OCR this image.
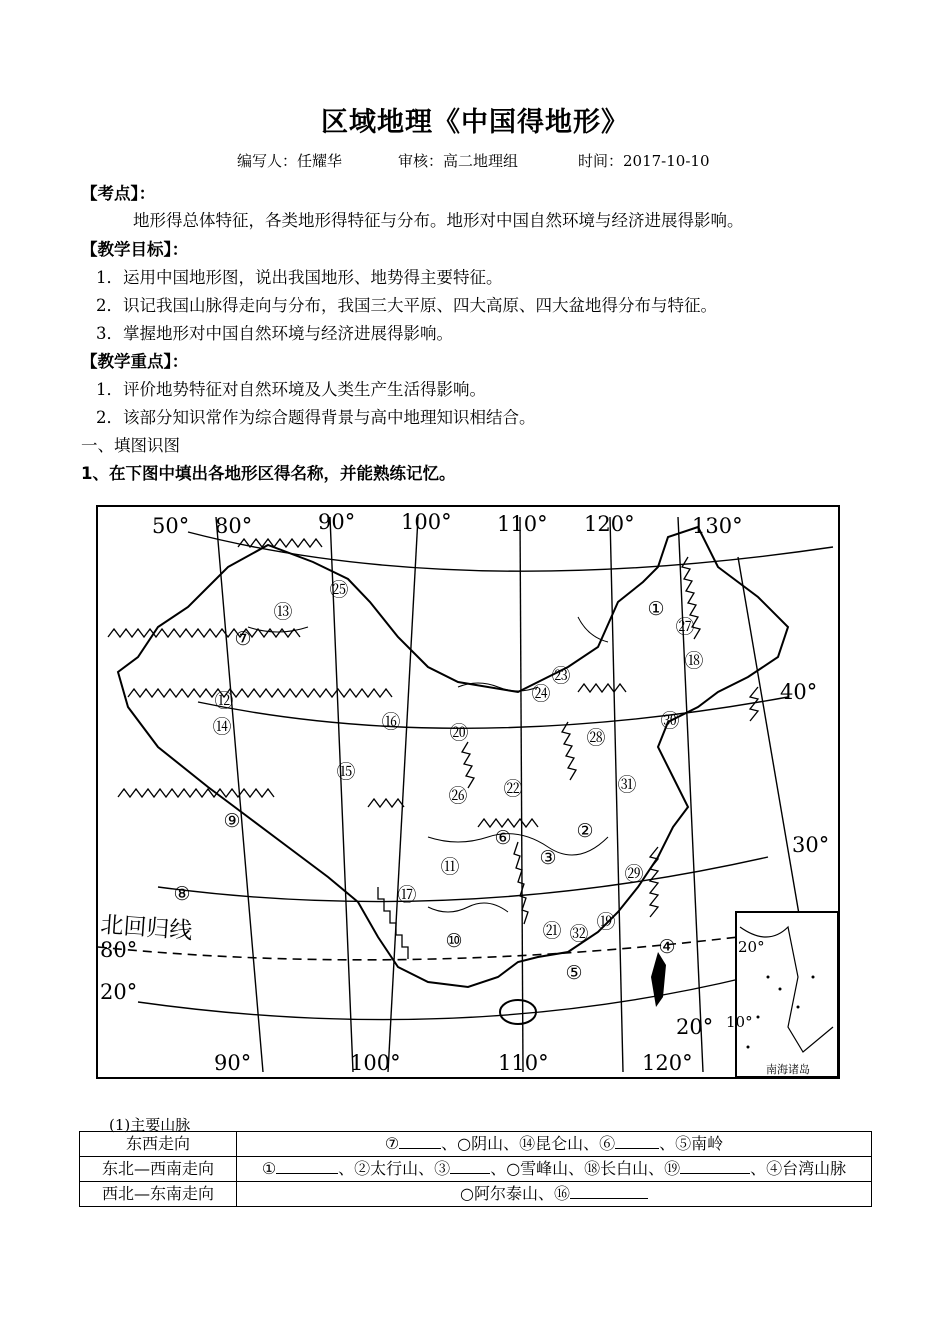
区域地理《中国得地形》
编写人：任耀华	审核：高二地理组	时间：2017-10-10
【考点】：
地形得总体特征，各类地形得特征与分布。地形对中国自然环境与经济进展得影响。
【教学目标】：
1．运用中国地形图，说出我国地形、地势得主要特征。
2．识记我国山脉得走向与分布，我国三大平原、四大高原、四大盆地得分布与特征。
3．掌握地形对中国自然环境与经济进展得影响。
【教学重点】：
1．评价地势特征对自然环境及人类生产生活得影响。
2．该部分知识常作为综合题得背景与高中地理知识相结合。
一、填图识图
1、在下图中填出各地形区得名称，并能熟练记忆。
50° 80°	90° 100° 110° 120°	130°
90°	100°	110°	120°
40°
30°
80°
20°
20°
北回归线
①
②
③
④
⑤
⑥
⑦
⑧
⑨
⑩
⑪
⑫
⑬
⑭
⑮
⑯
⑰
⑱
⑲
⑳
㉑
㉒
㉓
㉔
㉕
㉖
㉗
㉘
㉙
㉚
㉛
㉜
20°
10°
南海诸岛
(1)主要山脉
东西走向	⑦ 、○阴山、⑭昆仑山、⑥ 、⑤南岭
东北—西南走向	① 、②太行山、③ 、○雪峰山、⑱长白山、⑲ 、④台湾山脉
西北—东南走向	○阿尔泰山、⑯
